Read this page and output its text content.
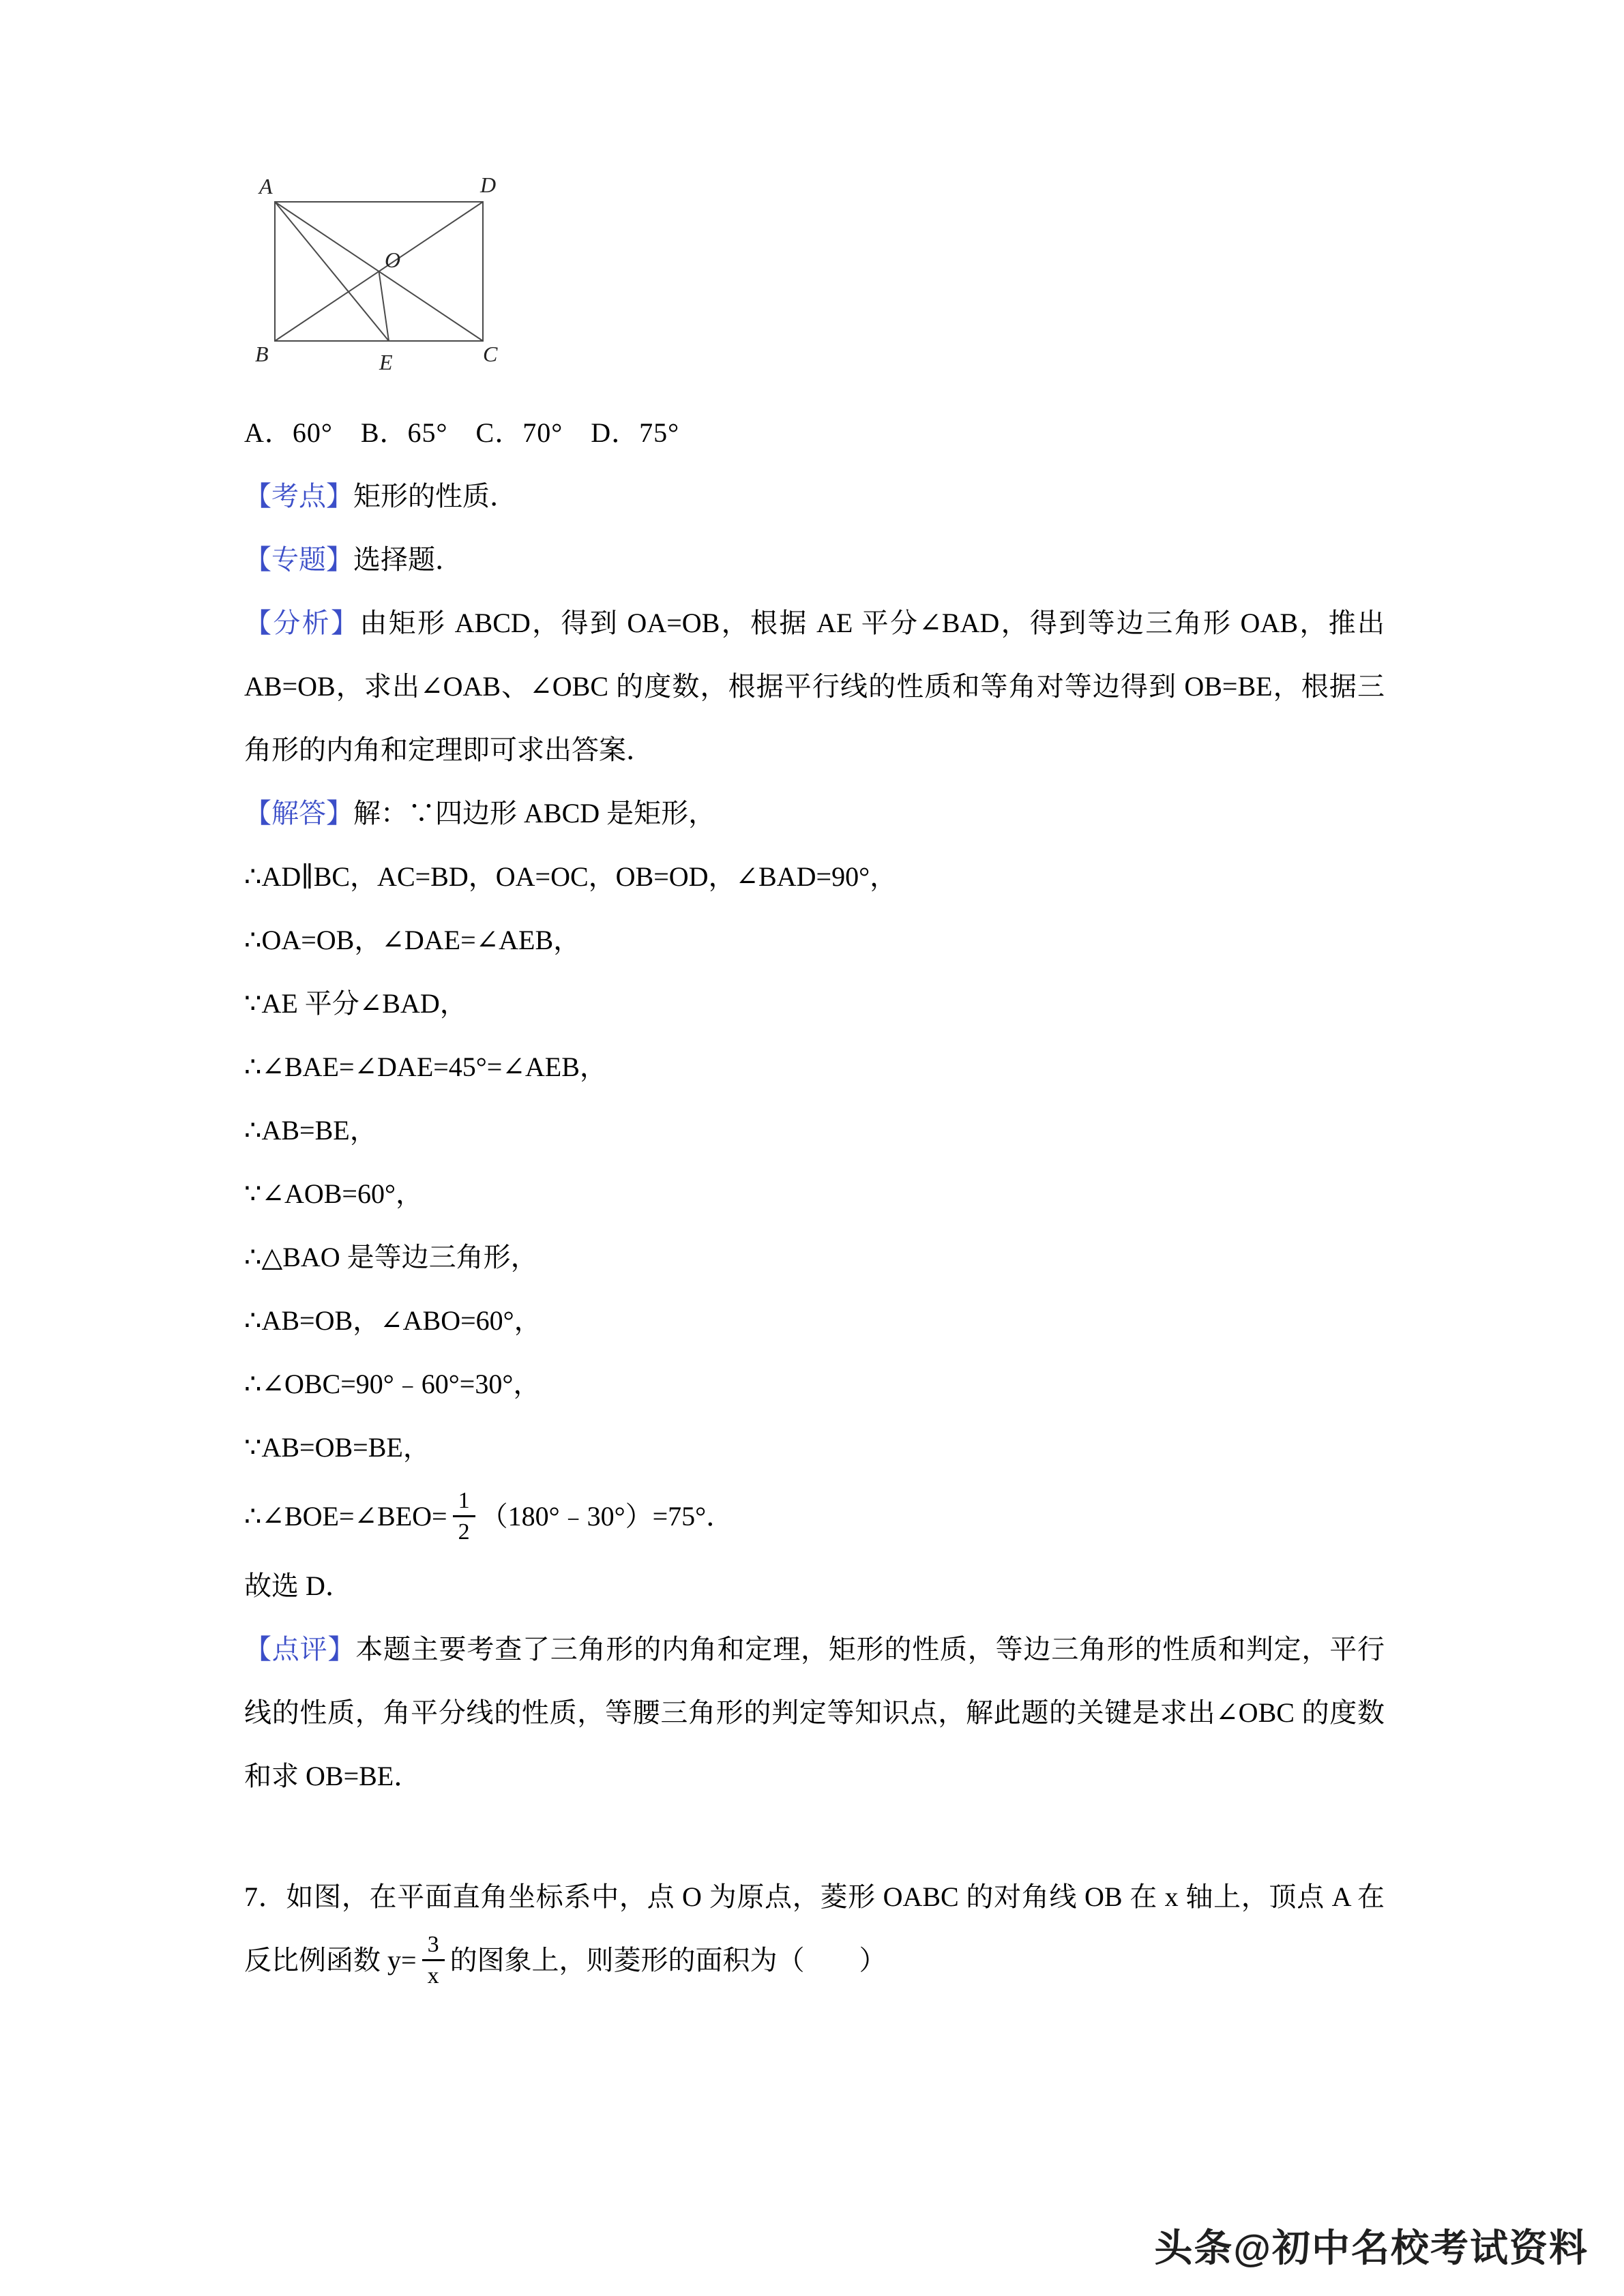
A	D
B	C
O
E

A．60°　B．65°　C．70°　D．75°

【考点】矩形的性质．

【专题】选择题．

【分析】由矩形 ABCD，得到 OA=OB，根据 AE 平分∠BAD，得到等边三角形 OAB，推出 AB=OB，求出∠OAB、∠OBC 的度数，根据平行线的性质和等角对等边得到 OB=BE，根据三角形的内角和定理即可求出答案．

【解答】解：∵四边形 ABCD 是矩形，

∴AD∥BC，AC=BD，OA=OC，OB=OD，∠BAD=90°，

∴OA=OB，∠DAE=∠AEB，

∵AE 平分∠BAD，

∴∠BAE=∠DAE=45°=∠AEB，

∴AB=BE，

∵∠AOB=60°，

∴△BAO 是等边三角形，

∴AB=OB，∠ABO=60°，

∴∠OBC=90°﹣60°=30°，

∵AB=OB=BE，

∴∠BOE=∠BEO= $\frac{1}{2}$ （180°﹣30°）=75°．

故选 D．

【点评】本题主要考查了三角形的内角和定理，矩形的性质，等边三角形的性质和判定，平行线的性质，角平分线的性质，等腰三角形的判定等知识点，解此题的关键是求出∠OBC 的度数和求 OB=BE．

7．如图，在平面直角坐标系中，点 O 为原点，菱形 OABC 的对角线 OB 在 x 轴上，顶点 A 在反比例函数 $y= \frac{3}{x}$ 的图象上，则菱形的面积为（　　）

头条@初中名校考试资料
